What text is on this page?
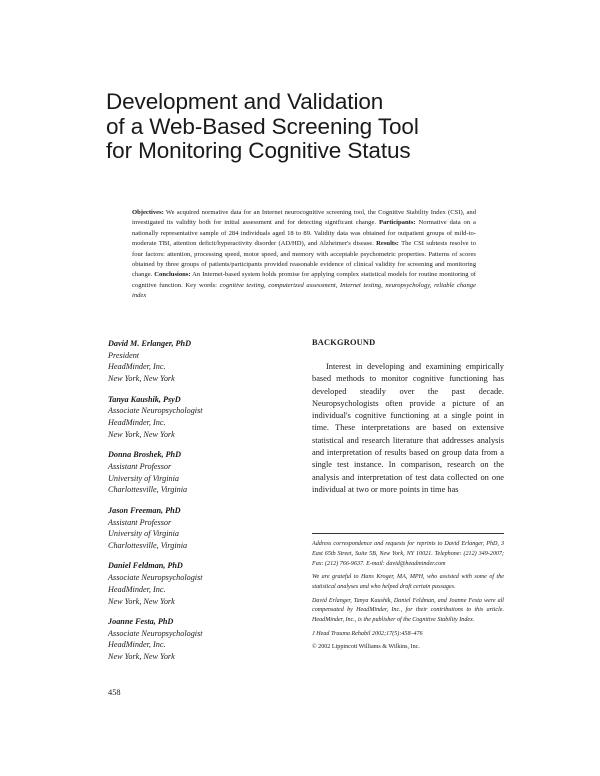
Development and Validation
of a Web-Based Screening Tool
for Monitoring Cognitive Status
Objectives: We acquired normative data for an Internet neurocognitive screening tool, the Cognitive Stability Index (CSI), and investigated its validity both for initial assessment and for detecting significant change. Participants: Normative data on a nationally representative sample of 284 individuals aged 18 to 89. Validity data was obtained for outpatient groups of mild-to-moderate TBI, attention deficit/hyperactivity disorder (AD/HD), and Alzheimer's disease. Results: The CSI subtests resolve to four factors: attention, processing speed, motor speed, and memory with acceptable psychometric properties. Patterns of scores obtained by three groups of patients/participants provided reasonable evidence of clinical validity for screening and monitoring change. Conclusions: An Internet-based system holds promise for applying complex statistical models for routine monitoring of cognitive function. Key words: cognitive testing, computerized assessment, Internet testing, neuropsychology, reliable change index
David M. Erlanger, PhD
President
HeadMinder, Inc.
New York, New York
Tanya Kaushik, PsyD
Associate Neuropsychologist
HeadMinder, Inc.
New York, New York
Donna Broshek, PhD
Assistant Professor
University of Virginia
Charlottesville, Virginia
Jason Freeman, PhD
Assistant Professor
University of Virginia
Charlottesville, Virginia
Daniel Feldman, PhD
Associate Neuropsychologist
HeadMinder, Inc.
New York, New York
Joanne Festa, PhD
Associate Neuropsychologist
HeadMinder, Inc.
New York, New York
BACKGROUND

Interest in developing and examining empirically based methods to monitor cognitive functioning has developed steadily over the past decade. Neuropsychologists often provide a picture of an individual's cognitive functioning at a single point in time. These interpretations are based on extensive statistical and research literature that addresses analysis and interpretation of results based on group data from a single test instance. In comparison, research on the analysis and interpretation of test data collected on one individual at two or more points in time has

Address correspondence and requests for reprints to David Erlanger, PhD, 3 East 65th Street, Suite 5B, New York, NY 10021. Telephone: (212) 349-2007; Fax: (212) 766-9637. E-mail: david@headminder.com

We are grateful to Hans Kroger, MA, MPH, who assisted with some of the statistical analyses and who helped draft certain passages.

David Erlanger, Tanya Kaushik, Daniel Feldman, and Joanne Festa were all compensated by HeadMinder, Inc., for their contributions to this article. HeadMinder, Inc., is the publisher of the Cognitive Stability Index.

J Head Trauma Rehabil 2002;17(5):458–476

© 2002 Lippincott Williams & Wilkins, Inc.

458
